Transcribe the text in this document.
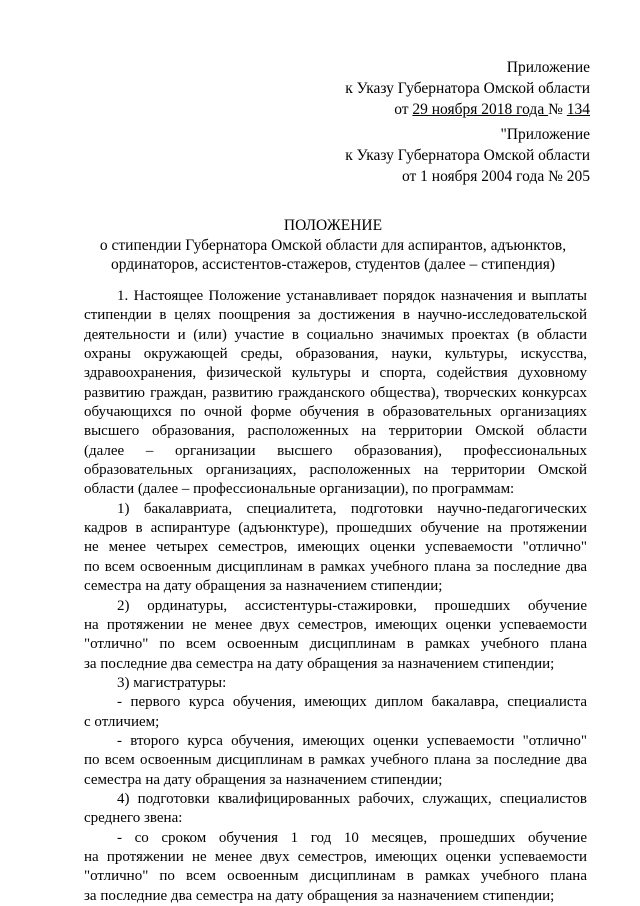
Приложение
к Указу Губернатора Омской области
от 29 ноября 2018 года № 134
"Приложение
к Указу Губернатора Омской области
от 1 ноября 2004 года № 205
ПОЛОЖЕНИЕ
о стипендии Губернатора Омской области для аспирантов, адъюнктов,
ординаторов, ассистентов-стажеров, студентов (далее – стипендия)
1. Настоящее Положение устанавливает порядок назначения и выплаты
стипендии в целях поощрения за достижения в научно-исследовательской
деятельности и (или) участие в социально значимых проектах (в области
охраны окружающей среды, образования, науки, культуры, искусства,
здравоохранения, физической культуры и спорта, содействия духовному
развитию граждан, развитию гражданского общества), творческих конкурсах
обучающихся по очной форме обучения в образовательных организациях
высшего образования, расположенных на территории Омской области
(далее – организации высшего образования), профессиональных
образовательных организациях, расположенных на территории Омской
области (далее – профессиональные организации), по программам:
1) бакалавриата, специалитета, подготовки научно-педагогических
кадров в аспирантуре (адъюнктуре), прошедших обучение на протяжении
не менее четырех семестров, имеющих оценки успеваемости "отлично"
по всем освоенным дисциплинам в рамках учебного плана за последние два
семестра на дату обращения за назначением стипендии;
2) ординатуры, ассистентуры-стажировки, прошедших обучение
на протяжении не менее двух семестров, имеющих оценки успеваемости
"отлично" по всем освоенным дисциплинам в рамках учебного плана
за последние два семестра на дату обращения за назначением стипендии;
3) магистратуры:
- первого курса обучения, имеющих диплом бакалавра, специалиста
с отличием;
- второго курса обучения, имеющих оценки успеваемости "отлично"
по всем освоенным дисциплинам в рамках учебного плана за последние два
семестра на дату обращения за назначением стипендии;
4) подготовки квалифицированных рабочих, служащих, специалистов
среднего звена:
- со сроком обучения 1 год 10 месяцев, прошедших обучение
на протяжении не менее двух семестров, имеющих оценки успеваемости
"отлично" по всем освоенным дисциплинам в рамках учебного плана
за последние два семестра на дату обращения за назначением стипендии;
